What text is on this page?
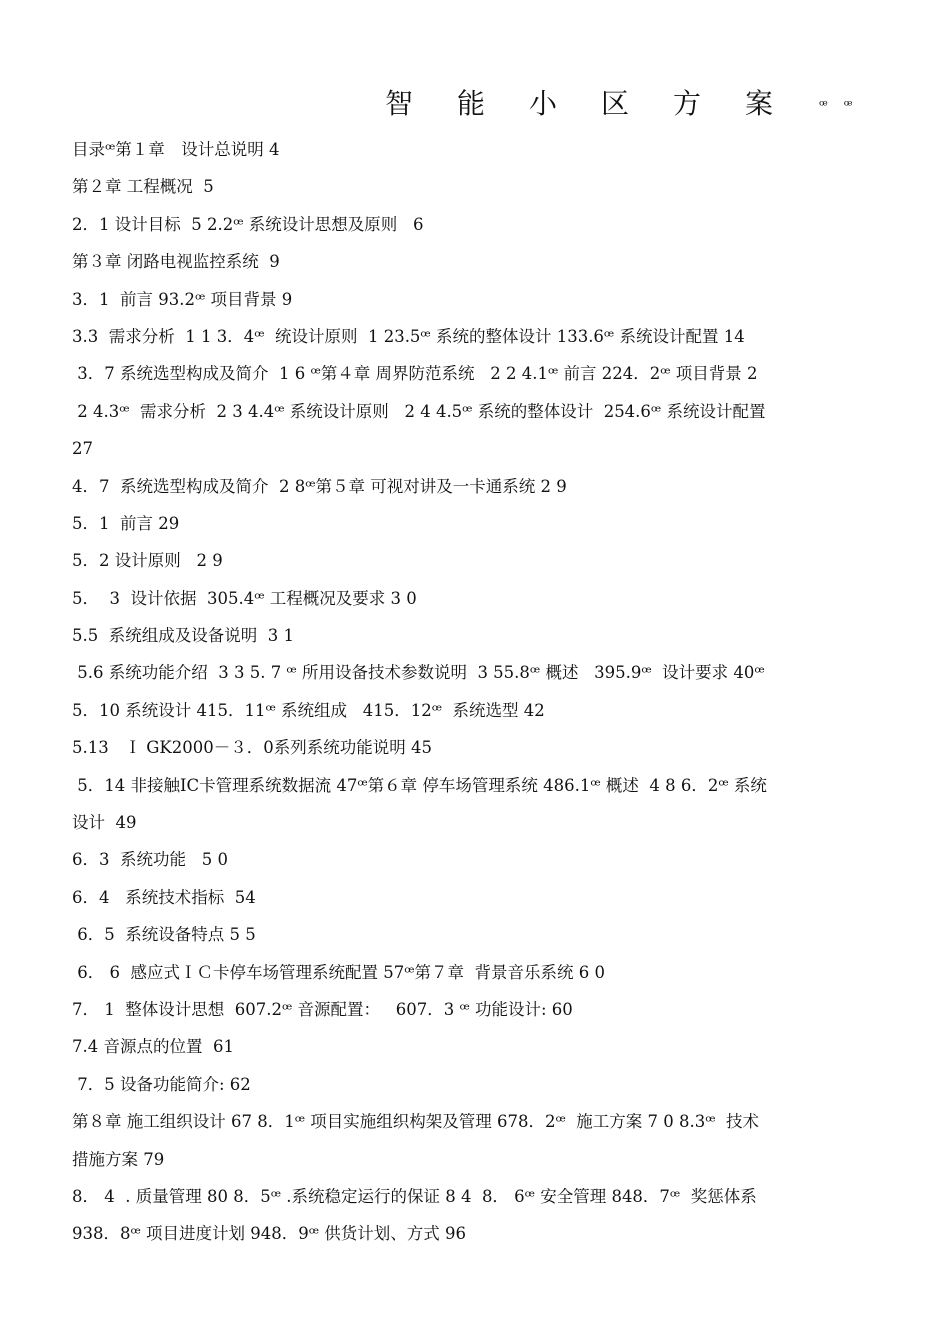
智能小区方案 ꟹꟹ
目录ꟹ第１章　设计总说明 4
第２章 工程概况  5
2．1 设计目标  5 2.2ꟹ 系统设计思想及原则   6
第３章 闭路电视监控系统  9
3．1  前言 93.2ꟹ 项目背景 9
3.3  需求分析  1 1 3．4ꟹ  统设计原则  1 23.5ꟹ 系统的整体设计 133.6ꟹ 系统设计配置 14
3．7 系统选型构成及简介  1 6 ꟹ第４章 周界防范系统   2 2 4.1ꟹ 前言 224．2ꟹ 项目背景 2
2 4.3ꟹ  需求分析  2 3 4.4ꟹ 系统设计原则   2 4 4.5ꟹ 系统的整体设计  254.6ꟹ 系统设计配置
27
4．7  系统选型构成及简介  2 8ꟹ第５章 可视对讲及一卡通系统 2 9
5．1  前言 29
5．2 设计原则   2 9
5．  3  设计依据  305.4ꟹ 工程概况及要求 3 0
5.5  系统组成及设备说明  3 1
5.6 系统功能介绍  3 3 5. 7 ꟹ 所用设备技术参数说明  3 55.8ꟹ 概述   395.9ꟹ  设计要求 40ꟹ
5．10 系统设计 415．11ꟹ 系统组成   415．12ꟹ  系统选型 42
5.13   Ｉ GK2000－３．0系列系统功能说明 45
5．14 非接触IC卡管理系统数据流 47ꟹ第６章 停车场管理系统 486.1ꟹ 概述  4 8 6．2ꟹ 系统
设计  49
6．3  系统功能   5 0
6．4   系统技术指标  54
6．5  系统设备特点 5 5
6． 6  感应式ＩＣ卡停车场管理系统配置 57ꟹ第７章  背景音乐系统 6 0
7． 1  整体设计思想  607.2ꟹ 音源配置：   607．3 ꟹ 功能设计: 60
7.4 音源点的位置  61
7．5 设备功能简介: 62
第８章 施工组织设计 67 8．1ꟹ 项目实施组织构架及管理 678．2ꟹ  施工方案 7 0 8.3ꟹ  技术
措施方案 79
8． 4  . 质量管理 80 8．5ꟹ .系统稳定运行的保证 8 4  8． 6ꟹ 安全管理 848．7ꟹ  奖惩体系
938．8ꟹ 项目进度计划 948．9ꟹ 供货计划、方式 96
